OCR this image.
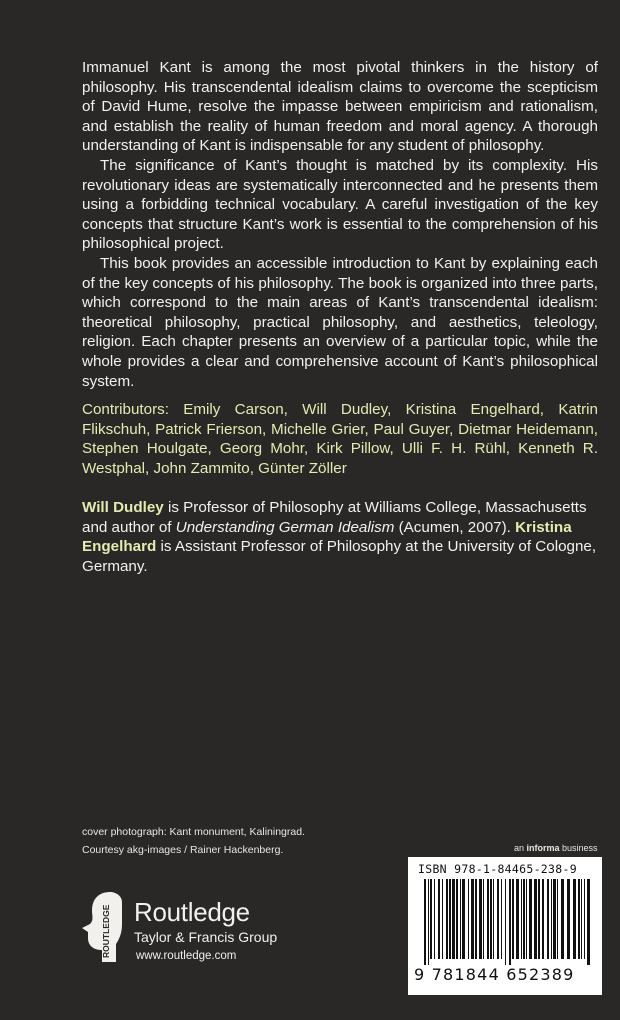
Immanuel Kant is among the most pivotal thinkers in the history of philosophy. His transcendental idealism claims to overcome the scepticism of David Hume, resolve the impasse between empiricism and rationalism, and establish the reality of human freedom and moral agency. A thorough understanding of Kant is indispensable for any student of philosophy.

The significance of Kant’s thought is matched by its complexity. His revolutionary ideas are systematically interconnected and he presents them using a forbidding technical vocabulary. A careful investigation of the key concepts that structure Kant’s work is essential to the comprehension of his philosophical project.

This book provides an accessible introduction to Kant by explaining each of the key concepts of his philosophy. The book is organized into three parts, which correspond to the main areas of Kant’s transcendental idealism: theoretical philosophy, practical philosophy, and aesthetics, teleology, religion. Each chapter presents an overview of a particular topic, while the whole provides a clear and comprehensive account of Kant’s philosophical system.

Contributors: Emily Carson, Will Dudley, Kristina Engelhard, Katrin Flikschuh, Patrick Frierson, Michelle Grier, Paul Guyer, Dietmar Heidemann, Stephen Houlgate, Georg Mohr, Kirk Pillow, Ulli F. H. Rühl, Kenneth R. Westphal, John Zammito, Günter Zöller
Will Dudley is Professor of Philosophy at Williams College, Massachusetts and author of Understanding German Idealism (Acumen, 2007). Kristina Engelhard is Assistant Professor of Philosophy at the University of Cologne, Germany.
cover photograph: Kant monument, Kaliningrad.
Courtesy akg-images / Rainer Hackenberg.	an informa business
ISBN 978-1-84465-238-9
9 781844 652389
ROUTLEDGE Routledge
Taylor & Francis Group
www.routledge.com
